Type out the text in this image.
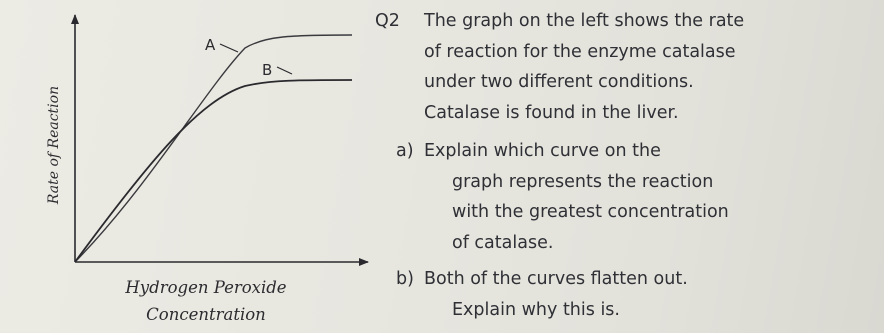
A
B
Rate of Reaction
Hydrogen Peroxide
Concentration
Q2 The graph on the left shows the rate
of reaction for the enzyme catalase
under two different conditions.
Catalase is found in the liver.
a) Explain which curve on the
graph represents the reaction
with the greatest concentration
of catalase.
b) Both of the curves flatten out.
Explain why this is.
